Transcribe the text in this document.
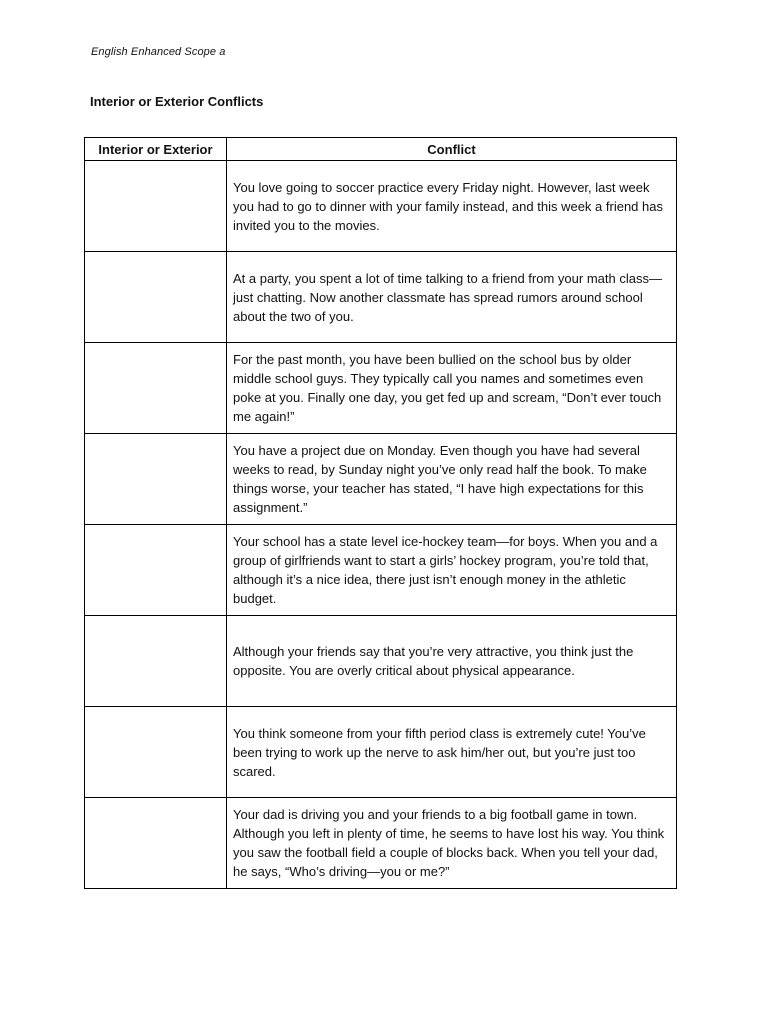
English Enhanced Scope a
Interior or Exterior Conflicts
Interior or Exterior	Conflict
	You love going to soccer practice every Friday night. However, last week you had to go to dinner with your family instead, and this week a friend has invited you to the movies.
	At a party, you spent a lot of time talking to a friend from your math class—just chatting. Now another classmate has spread rumors around school about the two of you.
	For the past month, you have been bullied on the school bus by older middle school guys. They typically call you names and sometimes even poke at you. Finally one day, you get fed up and scream, “Don’t ever touch me again!”
	You have a project due on Monday. Even though you have had several weeks to read, by Sunday night you’ve only read half the book. To make things worse, your teacher has stated, “I have high expectations for this assignment.”
	Your school has a state level ice-hockey team—for boys. When you and a group of girlfriends want to start a girls’ hockey program, you’re told that, although it’s a nice idea, there just isn’t enough money in the athletic budget.
	Although your friends say that you’re very attractive, you think just the opposite. You are overly critical about physical appearance.
	You think someone from your fifth period class is extremely cute! You’ve been trying to work up the nerve to ask him/her out, but you’re just too scared.
	Your dad is driving you and your friends to a big football game in town. Although you left in plenty of time, he seems to have lost his way. You think you saw the football field a couple of blocks back. When you tell your dad, he says, “Who’s driving—you or me?”
